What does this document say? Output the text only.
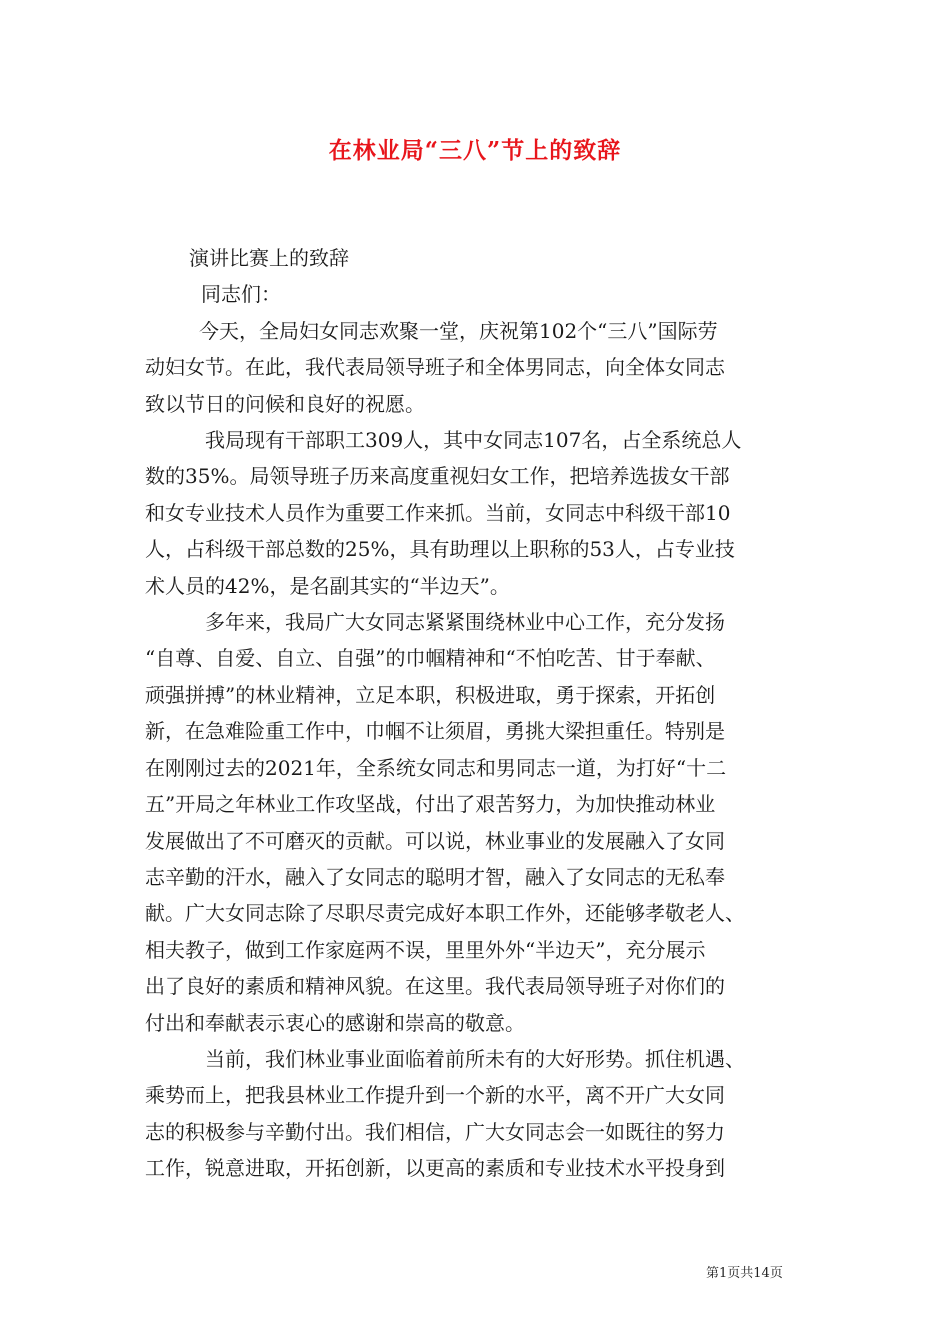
在林业局“三八”节上的致辞
演讲比赛上的致辞
同志们：
今天，全局妇女同志欢聚一堂，庆祝第102个“三八”国际劳
动妇女节。在此，我代表局领导班子和全体男同志，向全体女同志
致以节日的问候和良好的祝愿。
我局现有干部职工309人，其中女同志107名，占全系统总人
数的35%。局领导班子历来高度重视妇女工作，把培养选拔女干部
和女专业技术人员作为重要工作来抓。当前，女同志中科级干部10
人，占科级干部总数的25%，具有助理以上职称的53人，占专业技
术人员的42%，是名副其实的“半边天”。
多年来，我局广大女同志紧紧围绕林业中心工作，充分发扬
“自尊、自爱、自立、自强”的巾帼精神和“不怕吃苦、甘于奉献、
顽强拼搏”的林业精神，立足本职，积极进取，勇于探索，开拓创
新，在急难险重工作中，巾帼不让须眉，勇挑大梁担重任。特别是
在刚刚过去的2021年，全系统女同志和男同志一道，为打好“十二
五”开局之年林业工作攻坚战，付出了艰苦努力，为加快推动林业
发展做出了不可磨灭的贡献。可以说，林业事业的发展融入了女同
志辛勤的汗水，融入了女同志的聪明才智，融入了女同志的无私奉
献。广大女同志除了尽职尽责完成好本职工作外，还能够孝敬老人、
相夫教子，做到工作家庭两不误，里里外外“半边天”，充分展示
出了良好的素质和精神风貌。在这里。我代表局领导班子对你们的
付出和奉献表示衷心的感谢和崇高的敬意。
当前，我们林业事业面临着前所未有的大好形势。抓住机遇、
乘势而上，把我县林业工作提升到一个新的水平，离不开广大女同
志的积极参与辛勤付出。我们相信，广大女同志会一如既往的努力
工作，锐意进取，开拓创新，以更高的素质和专业技术水平投身到
第1页共14页
